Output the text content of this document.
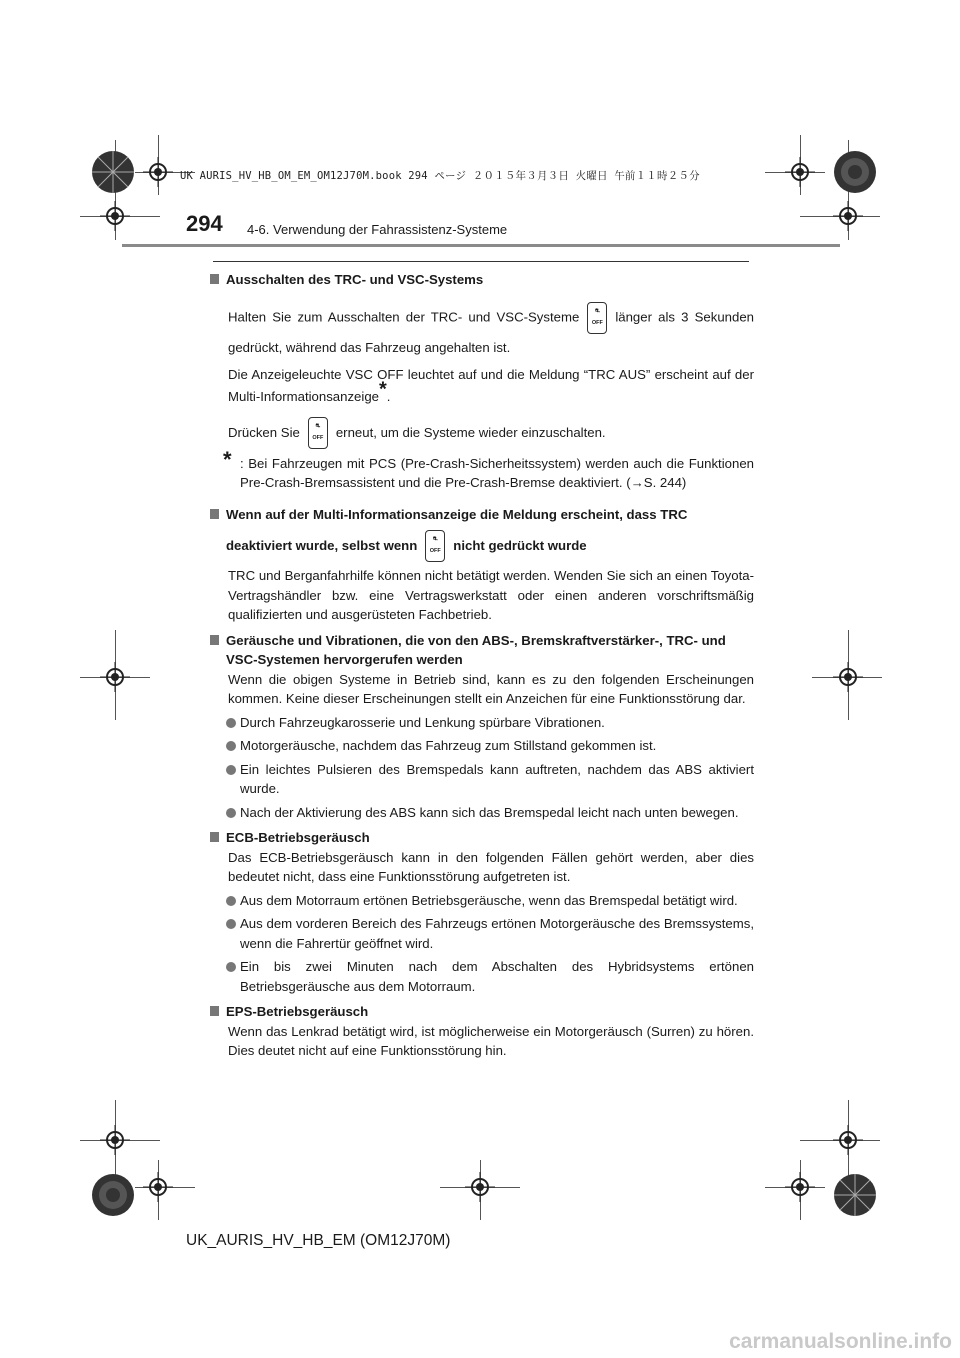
UK AURIS_HV_HB_OM_EM_OM12J70M.book 294 ページ ２０１５年３月３日 火曜日 午前１１時２５分
294 4-6. Verwendung der Fahrassistenz-Systeme
Ausschalten des TRC- und VSC-Systems
Halten Sie zum Ausschalten der TRC- und VSC-Systeme	⛐
OFF länger als 3 Sekunden gedrückt, während das Fahrzeug angehalten ist.
Die Anzeigeleuchte VSC OFF leuchtet auf und die Meldung “TRC AUS” erscheint auf der Multi-Informationsanzeige*.
Drücken Sie	⛐
OFF erneut, um die Systeme wieder einzuschalten.
* : Bei Fahrzeugen mit PCS (Pre-Crash-Sicherheitssystem) werden auch die Funktionen Pre-Crash-Bremsassistent und die Pre-Crash-Bremse deaktiviert. (→S. 244)
Wenn auf der Multi-Informationsanzeige die Meldung erscheint, dass TRC deaktiviert wurde, selbst wenn	⛐
OFF nicht gedrückt wurde
TRC und Berganfahrhilfe können nicht betätigt werden. Wenden Sie sich an einen Toyota-Vertragshändler bzw. eine Vertragswerkstatt oder einen anderen vorschriftsmäßig qualifizierten und ausgerüsteten Fachbetrieb.
Geräusche und Vibrationen, die von den ABS-, Bremskraftverstärker-, TRC- und VSC-Systemen hervorgerufen werden
Wenn die obigen Systeme in Betrieb sind, kann es zu den folgenden Erscheinungen kommen. Keine dieser Erscheinungen stellt ein Anzeichen für eine Funktionsstörung dar.
Durch Fahrzeugkarosserie und Lenkung spürbare Vibrationen.
Motorgeräusche, nachdem das Fahrzeug zum Stillstand gekommen ist.
Ein leichtes Pulsieren des Bremspedals kann auftreten, nachdem das ABS aktiviert wurde.
Nach der Aktivierung des ABS kann sich das Bremspedal leicht nach unten bewegen.
ECB-Betriebsgeräusch
Das ECB-Betriebsgeräusch kann in den folgenden Fällen gehört werden, aber dies bedeutet nicht, dass eine Funktionsstörung aufgetreten ist.
Aus dem Motorraum ertönen Betriebsgeräusche, wenn das Bremspedal betätigt wird.
Aus dem vorderen Bereich des Fahrzeugs ertönen Motorgeräusche des Bremssystems, wenn die Fahrertür geöffnet wird.
Ein bis zwei Minuten nach dem Abschalten des Hybridsystems ertönen Betriebsgeräusche aus dem Motorraum.
EPS-Betriebsgeräusch
Wenn das Lenkrad betätigt wird, ist möglicherweise ein Motorgeräusch (Surren) zu hören. Dies deutet nicht auf eine Funktionsstörung hin.
UK_AURIS_HV_HB_EM (OM12J70M)
carmanualsonline.info
